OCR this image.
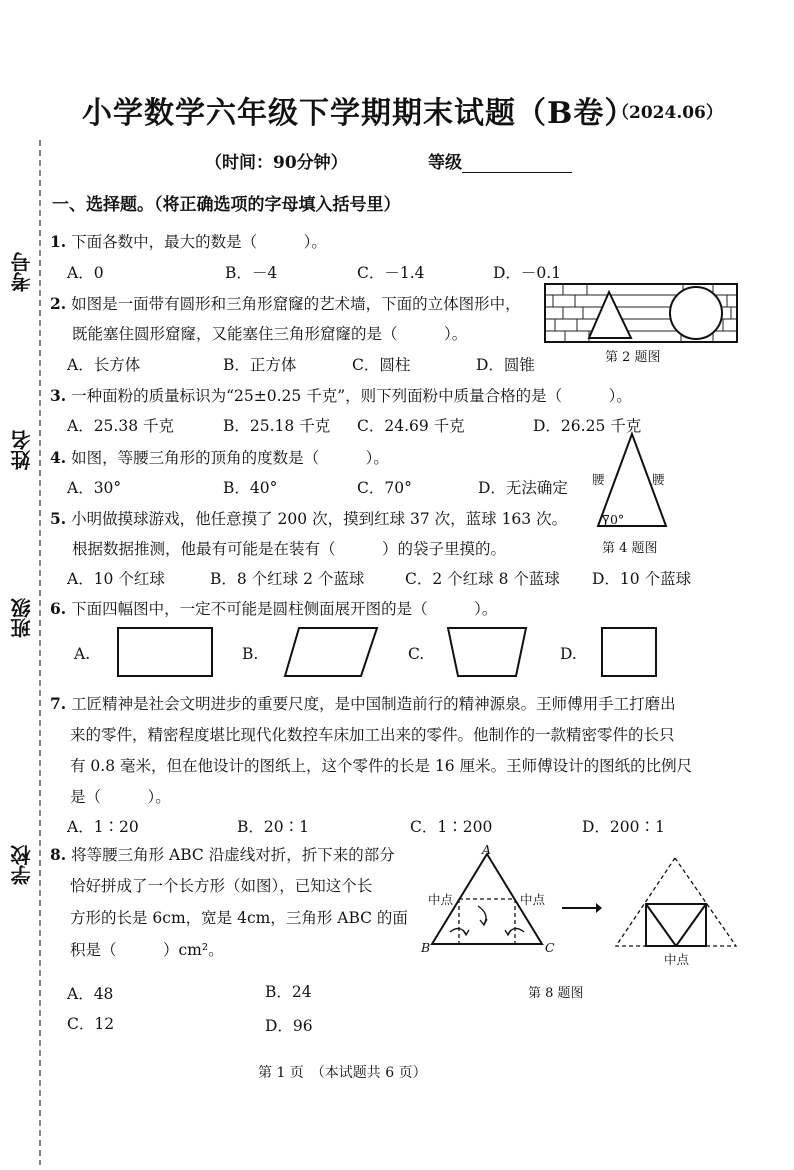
考号
姓名
班级
学校
小学数学六年级下学期期末试题（B卷）
（2024.06）
（时间：90分钟）	等级
一、选择题。（将正确选项的字母填入括号里）
1. 下面各数中，最大的数是（　　　）。
A．0	B．－4	C．－1.4	D．－0.1
2. 如图是一面带有圆形和三角形窟窿的艺术墙，下面的立体图形中，
既能塞住圆形窟窿，又能塞住三角形窟窿的是（　　　）。
A．长方体	B．正方体	C．圆柱	D．圆锥	第 2 题图
3. 一种面粉的质量标识为“25±0.25 千克”，则下列面粉中质量合格的是（　　　）。
A．25.38 千克	B．25.18 千克 C．24.69 千克	D．26.25 千克
4. 如图，等腰三角形的顶角的度数是（　　　）。
A．30°	B．40°	C．70°	D．无法确定 腰	腰
70°
第 4 题图
5. 小明做摸球游戏，他任意摸了 200 次，摸到红球 37 次，蓝球 163 次。
根据数据推测，他最有可能是在装有（　　　）的袋子里摸的。
A．10 个红球	B．8 个红球 2 个蓝球	C．2 个红球 8 个蓝球 D．10 个蓝球
6. 下面四幅图中，一定不可能是圆柱侧面展开图的是（　　　）。
A.	B.	C.	D.
7. 工匠精神是社会文明进步的重要尺度，是中国制造前行的精神源泉。王师傅用手工打磨出
来的零件，精密程度堪比现代化数控车床加工出来的零件。他制作的一款精密零件的长只
有 0.8 毫米，但在他设计的图纸上，这个零件的长是 16 厘米。王师傅设计的图纸的比例尺
是（　　　）。
A．1∶20	B．20∶1	C．1∶200	D．200∶1
8. 将等腰三角形 ABC 沿虚线对折，折下来的部分
恰好拼成了一个长方形（如图），已知这个长
方形的长是 6cm，宽是 4cm，三角形 ABC 的面
积是（　　　）cm²。
A．48	B．24
C．12	D．96
A
B	C
中点	中点
中点
第 8 题图
第 1 页　（本试题共 6 页）
